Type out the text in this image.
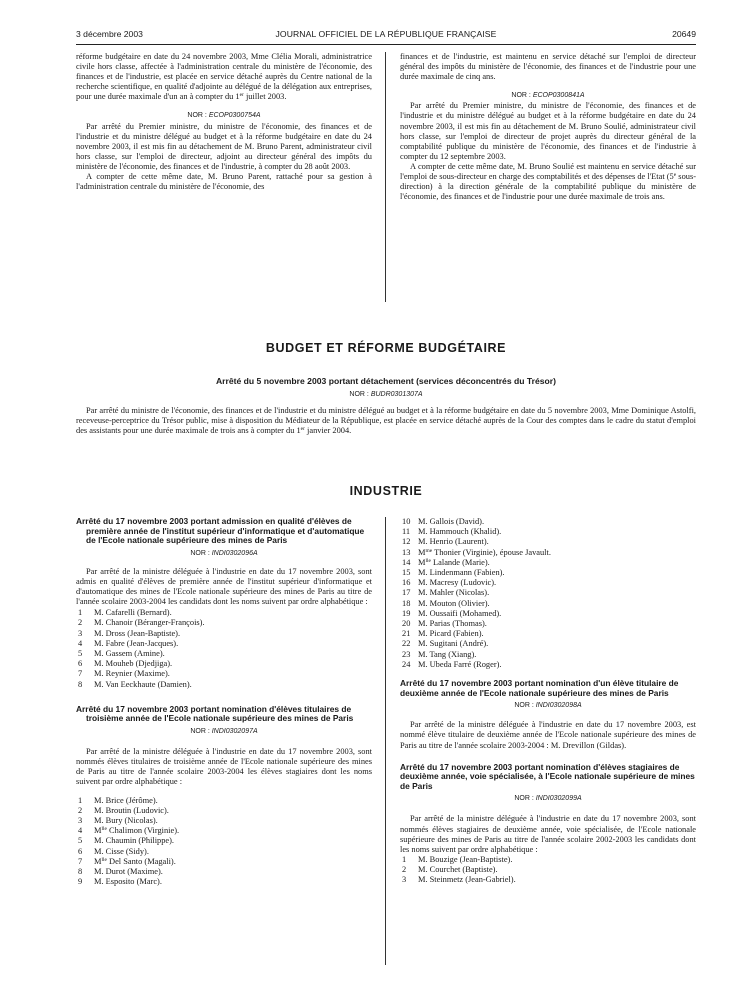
3 décembre 2003	JOURNAL OFFICIEL DE LA RÉPUBLIQUE FRANÇAISE	20649

réforme budgétaire en date du 24 novembre 2003, Mme Clélia Morali, administratrice civile hors classe, affectée à l'administration centrale du ministère de l'économie, des finances et de l'industrie, est placée en service détaché auprès du Centre national de la recherche scientifique, en qualité d'adjointe au délégué de la délégation aux entreprises, pour une durée maximale d'un an à compter du 1er juillet 2003.

NOR : ECOP0300754A

Par arrêté du Premier ministre, du ministre de l'économie, des finances et de l'industrie et du ministre délégué au budget et à la réforme budgétaire en date du 24 novembre 2003, il est mis fin au détachement de M. Bruno Parent, administrateur civil hors classe, sur l'emploi de directeur, adjoint au directeur général des impôts du ministère de l'économie, des finances et de l'industrie, à compter du 28 août 2003.

A compter de cette même date, M. Bruno Parent, rattaché pour sa gestion à l'administration centrale du ministère de l'économie, des

finances et de l'industrie, est maintenu en service détaché sur l'emploi de directeur général des impôts du ministère de l'économie, des finances et de l'industrie pour une durée maximale de cinq ans.

NOR : ECOP0300841A

Par arrêté du Premier ministre, du ministre de l'économie, des finances et de l'industrie et du ministre délégué au budget et à la réforme budgétaire en date du 24 novembre 2003, il est mis fin au détachement de M. Bruno Soulié, administrateur civil hors classe, sur l'emploi de directeur de projet auprès du directeur général de la comptabilité publique du ministère de l'économie, des finances et de l'industrie à compter du 12 septembre 2003.

A compter de cette même date, M. Bruno Soulié est maintenu en service détaché sur l'emploi de sous-directeur en charge des comptabilités et des dépenses de l'Etat (5e sous-direction) à la direction générale de la comptabilité publique du ministère de l'économie, des finances et de l'industrie pour une durée maximale de trois ans.

BUDGET ET RÉFORME BUDGÉTAIRE
Arrêté du 5 novembre 2003 portant détachement (services déconcentrés du Trésor)
NOR : BUDR0301307A

Par arrêté du ministre de l'économie, des finances et de l'industrie et du ministre délégué au budget et à la réforme budgétaire en date du 5 novembre 2003, Mme Dominique Astolfi, receveuse-perceptrice du Trésor public, mise à disposition du Médiateur de la République, est placée en service détaché auprès de la Cour des comptes dans le cadre du statut d'emploi des assistants pour une durée maximale de trois ans à compter du 1er janvier 2004.

INDUSTRIE
Arrêté du 17 novembre 2003 portant admission en qualité d'élèves de première année de l'institut supérieur d'informatique et d'automatique de l'Ecole nationale supérieure des mines de Paris

NOR : INDI0302096A

Par arrêté de la ministre déléguée à l'industrie en date du 17 novembre 2003, sont admis en qualité d'élèves de première année de l'institut supérieur d'informatique et d'automatique des mines de l'Ecole nationale supérieure des mines de Paris au titre de l'année scolaire 2003-2004 les candidats dont les noms suivent par ordre alphabétique :

1	M. Cafarelli (Bernard).
2	M. Chanoir (Béranger-François).
3	M. Dross (Jean-Baptiste).
4	M. Fabre (Jean-Jacques).
5	M. Gassem (Amine).
6	M. Mouheb (Djedjiga).
7	M. Reynier (Maxime).
8	M. Van Eeckhaute (Damien).
Arrêté du 17 novembre 2003 portant nomination d'élèves titulaires de troisième année de l'Ecole nationale supérieure des mines de Paris

NOR : INDI0302097A

Par arrêté de la ministre déléguée à l'industrie en date du 17 novembre 2003, sont nommés élèves titulaires de troisième année de l'Ecole nationale supérieure des mines de Paris au titre de l'année scolaire 2003-2004 les élèves stagiaires dont les noms suivent par ordre alphabétique :

1	M. Brice (Jérôme).
2	M. Broutin (Ludovic).
3	M. Bury (Nicolas).
4	$M^{lle}$ Chalimon (Virginie).
5	M. Chaumin (Philippe).
6	M. Cisse (Sidy).
7	$M^{lle}$ Del Santo (Magali).
8	M. Durot (Maxime).
9	M. Esposito (Marc).
10 M. Gallois (David).
11 M. Hammouch (Khalid).
12 M. Henrio (Laurent).
13 $M^{me}$ Thonier (Virginie), épouse Javault.
14 $M^{lle}$ Lalande (Marie).
15 M. Lindenmann (Fabien).
16 M. Macresy (Ludovic).
17 M. Mahler (Nicolas).
18 M. Mouton (Olivier).
19 M. Oussaifi (Mohamed).
20 M. Parias (Thomas).
21 M. Picard (Fabien).
22 M. Sugitani (André).
23 M. Tang (Xiang).
24 M. Ubeda Farré (Roger).
Arrêté du 17 novembre 2003 portant nomination d'un élève titulaire de deuxième année de l'Ecole nationale supérieure des mines de Paris

NOR : INDI0302098A

Par arrêté de la ministre déléguée à l'industrie en date du 17 novembre 2003, est nommé élève titulaire de deuxième année de l'Ecole nationale supérieure des mines de Paris au titre de l'année scolaire 2003-2004 : M. Drevillon (Gildas).

Arrêté du 17 novembre 2003 portant nomination d'élèves stagiaires de deuxième année, voie spécialisée, à l'Ecole nationale supérieure de mines de Paris

NOR : INDI0302099A

Par arrêté de la ministre déléguée à l'industrie en date du 17 novembre 2003, sont nommés élèves stagiaires de deuxième année, voie spécialisée, de l'Ecole nationale supérieure des mines de Paris au titre de l'année scolaire 2002-2003 les candidats dont les noms suivent par ordre alphabétique :

1	M. Bouzige (Jean-Baptiste).
2	M. Courchet (Baptiste).
3	M. Steinmetz (Jean-Gabriel).
